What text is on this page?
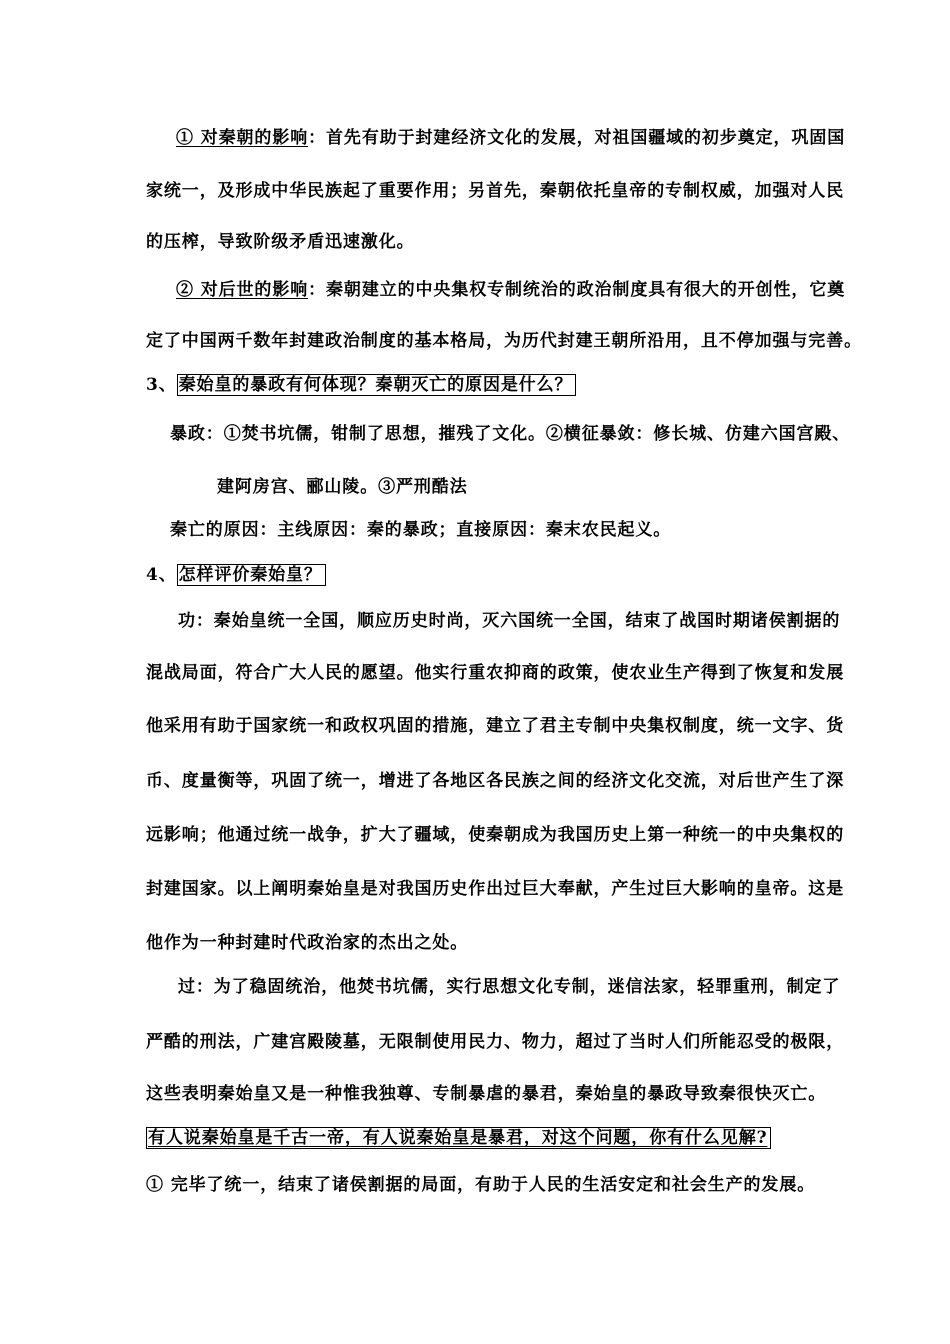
① 对秦朝的影响：首先有助于封建经济文化的发展，对祖国疆域的初步奠定，巩固国
家统一，及形成中华民族起了重要作用；另首先，秦朝依托皇帝的专制权威，加强对人民
的压榨，导致阶级矛盾迅速激化。
② 对后世的影响：秦朝建立的中央集权专制统治的政治制度具有很大的开创性，它奠
定了中国两千数年封建政治制度的基本格局，为历代封建王朝所沿用，且不停加强与完善。
3、 秦始皇的暴政有何体现？秦朝灭亡的原因是什么？
暴政：①焚书坑儒，钳制了思想，摧残了文化。②横征暴敛：修长城、仿建六国宫殿、
建阿房宫、郦山陵。③严刑酷法
秦亡的原因：主线原因：秦的暴政；直接原因：秦末农民起义。
4、 怎样评价秦始皇？
功：秦始皇统一全国，顺应历史时尚，灭六国统一全国，结束了战国时期诸侯割据的
混战局面，符合广大人民的愿望。他实行重农抑商的政策，使农业生产得到了恢复和发展
他采用有助于国家统一和政权巩固的措施，建立了君主专制中央集权制度，统一文字、货
币、度量衡等，巩固了统一，增进了各地区各民族之间的经济文化交流，对后世产生了深
远影响；他通过统一战争，扩大了疆域，使秦朝成为我国历史上第一种统一的中央集权的
封建国家。以上阐明秦始皇是对我国历史作出过巨大奉献，产生过巨大影响的皇帝。这是
他作为一种封建时代政治家的杰出之处。
过：为了稳固统治，他焚书坑儒，实行思想文化专制，迷信法家，轻罪重刑，制定了
严酷的刑法，广建宫殿陵墓，无限制使用民力、物力，超过了当时人们所能忍受的极限，
这些表明秦始皇又是一种惟我独尊、专制暴虐的暴君，秦始皇的暴政导致秦很快灭亡。
有人说秦始皇是千古一帝，有人说秦始皇是暴君，对这个问题，你有什么见解?
① 完毕了统一，结束了诸侯割据的局面，有助于人民的生活安定和社会生产的发展。
